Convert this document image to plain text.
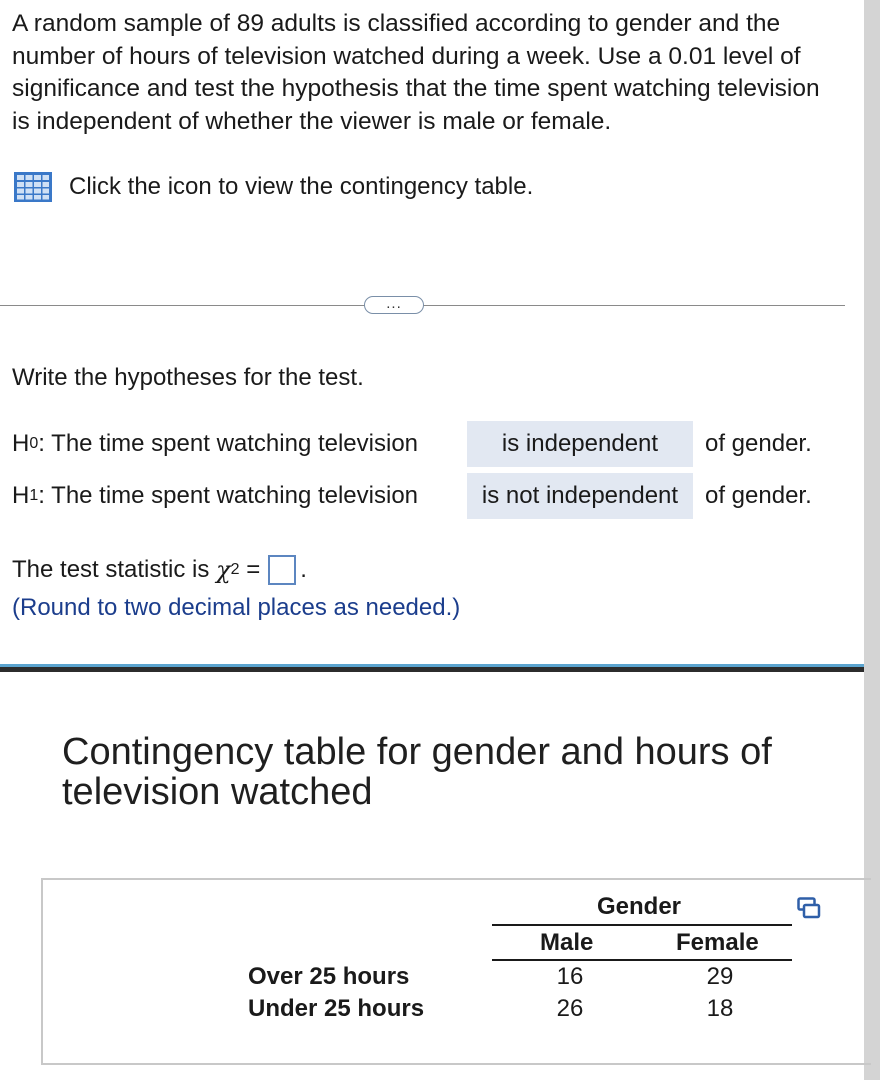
A random sample of 89 adults is classified according to gender and the number of hours of television watched during a week. Use a 0.01 level of significance and test the hypothesis that the time spent watching television is independent of whether the viewer is male or female.
Click the icon to view the contingency table.
...
Write the hypotheses for the test.
H 0 : The time spent watching television	is independent of gender.
H 1 : The time spent watching television	is not independent of gender.
The test statistic is
χ 2
= .
(Round to two decimal places as needed.)
Contingency table for gender and hours of television watched
Gender
Male	Female
Over 25 hours	16	29
Under 25 hours	26	18
